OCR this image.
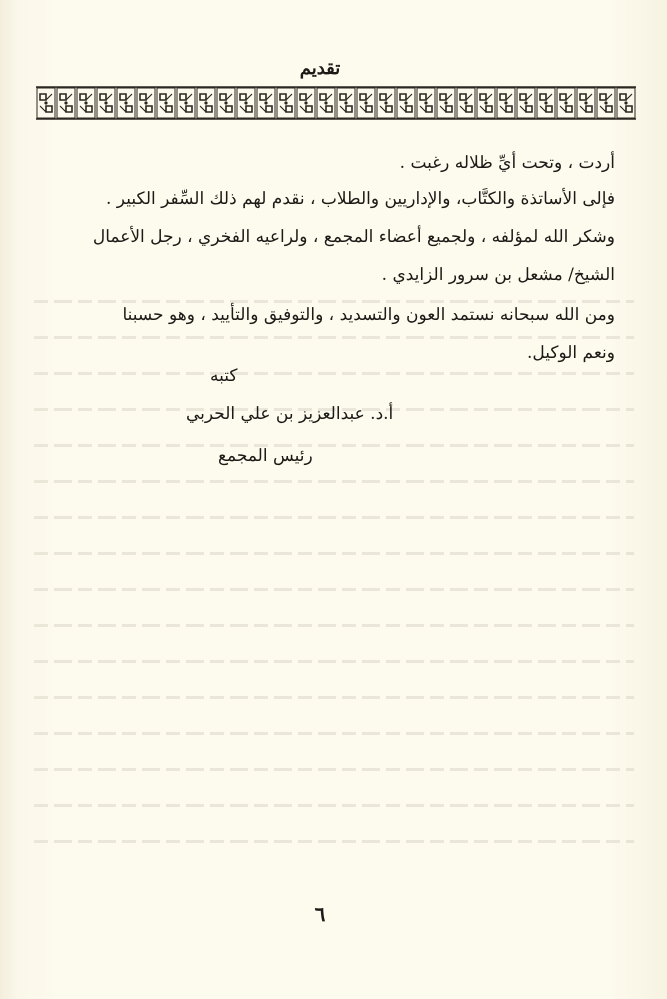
تقديم

أردت ، وتحت أيِّ ظلاله رغبت .

فإلى الأساتذة والكتَّاب، والإداريين والطلاب ، نقدم لهم ذلك السِّفر الكبير .

وشكر الله لمؤلفه ، ولجميع أعضاء المجمع ، ولراعيه الفخري ، رجل الأعمال

الشيخ/ مشعل بن سرور الزايدي .

ومن الله سبحانه نستمد العون والتسديد ، والتوفيق والتأييد ، وهو حسبنا

ونعم الوكيل.

كتبه
أ.د. عبدالعزيز بن علي الحربي
رئيس المجمع
٦
